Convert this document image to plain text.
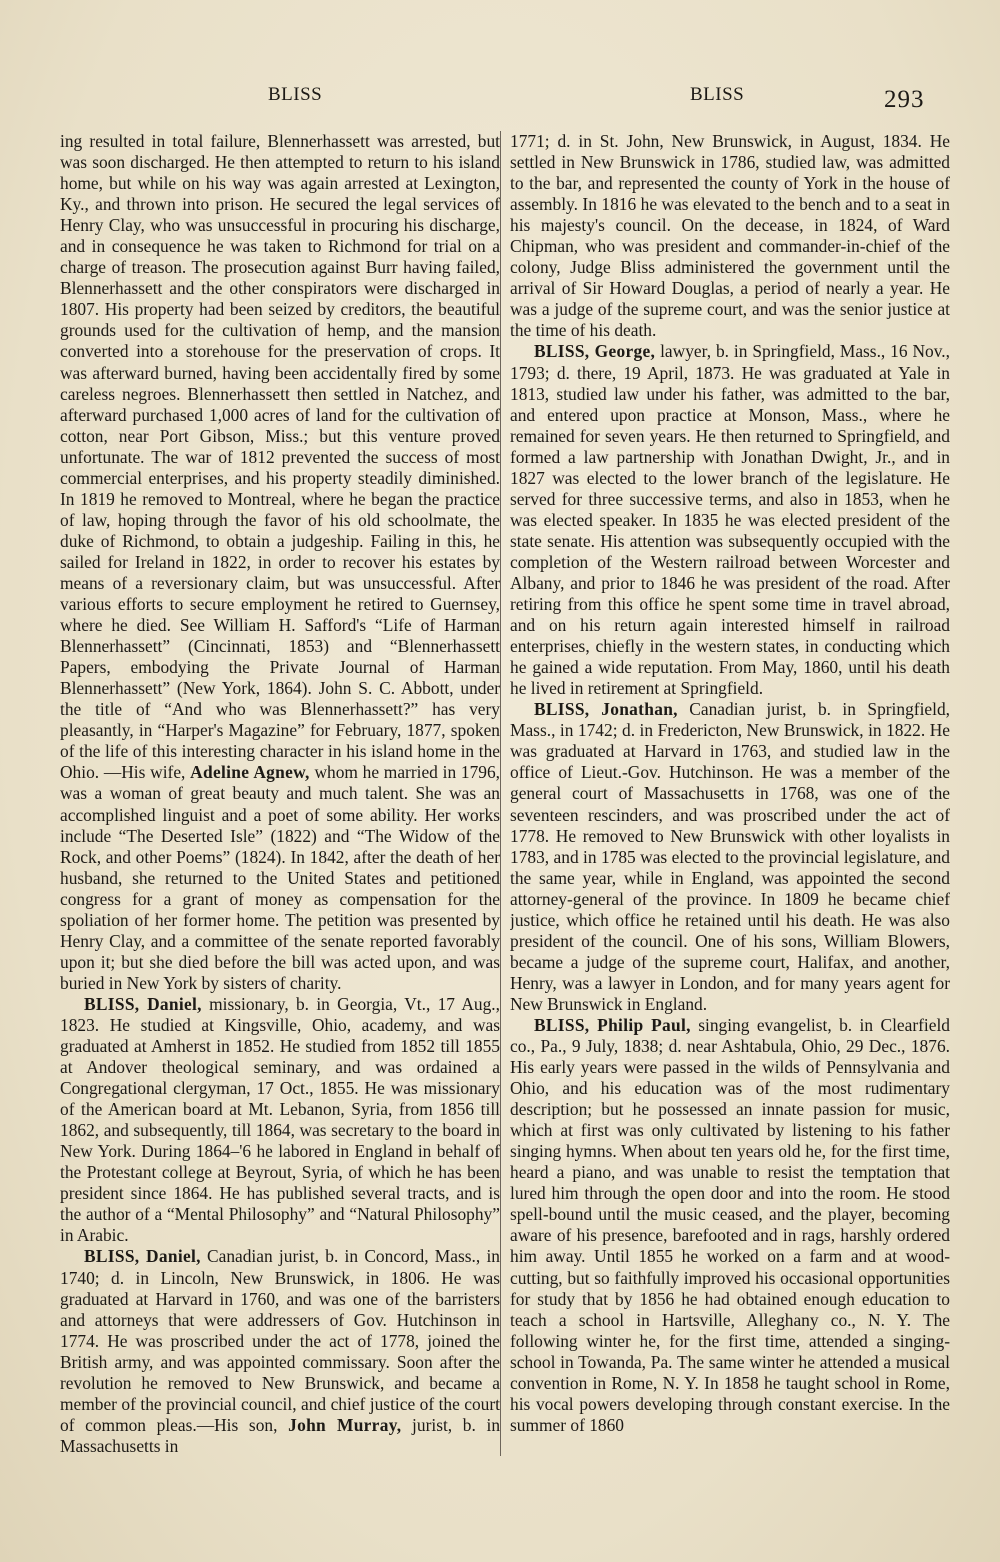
BLISS	BLISS	293

ing resulted in total failure, Blennerhassett was arrested, but was soon discharged. He then attempted to return to his island home, but while on his way was again arrested at Lexington, Ky., and thrown into prison. He secured the legal services of Henry Clay, who was unsuccessful in procuring his discharge, and in consequence he was taken to Richmond for trial on a charge of treason. The prosecution against Burr having failed, Blennerhassett and the other conspirators were discharged in 1807. His property had been seized by creditors, the beautiful grounds used for the cultivation of hemp, and the mansion converted into a storehouse for the preservation of crops. It was afterward burned, having been accidentally fired by some careless negroes. Blennerhassett then settled in Natchez, and afterward purchased 1,000 acres of land for the cultivation of cotton, near Port Gibson, Miss.; but this venture proved unfortunate. The war of 1812 prevented the success of most commercial enterprises, and his property steadily diminished. In 1819 he removed to Montreal, where he began the practice of law, hoping through the favor of his old schoolmate, the duke of Richmond, to obtain a judgeship. Failing in this, he sailed for Ireland in 1822, in order to recover his estates by means of a reversionary claim, but was unsuccessful. After various efforts to secure employment he retired to Guernsey, where he died. See William H. Safford's “Life of Harman Blennerhassett” (Cincinnati, 1853) and “Blennerhassett Papers, embodying the Private Journal of Harman Blennerhassett” (New York, 1864). John S. C. Abbott, under the title of “And who was Blennerhassett?” has very pleasantly, in “Harper's Magazine” for February, 1877, spoken of the life of this interesting character in his island home in the Ohio. —His wife, Adeline Agnew, whom he married in 1796, was a woman of great beauty and much talent. She was an accomplished linguist and a poet of some ability. Her works include “The Deserted Isle” (1822) and “The Widow of the Rock, and other Poems” (1824). In 1842, after the death of her husband, she returned to the United States and petitioned congress for a grant of money as compensation for the spoliation of her former home. The petition was presented by Henry Clay, and a committee of the senate reported favorably upon it; but she died before the bill was acted upon, and was buried in New York by sisters of charity.

BLISS, Daniel, missionary, b. in Georgia, Vt., 17 Aug., 1823. He studied at Kingsville, Ohio, academy, and was graduated at Amherst in 1852. He studied from 1852 till 1855 at Andover theological seminary, and was ordained a Congregational clergyman, 17 Oct., 1855. He was missionary of the American board at Mt. Lebanon, Syria, from 1856 till 1862, and subsequently, till 1864, was secretary to the board in New York. During 1864–'6 he labored in England in behalf of the Protestant college at Beyrout, Syria, of which he has been president since 1864. He has published several tracts, and is the author of a “Mental Philosophy” and “Natural Philosophy” in Arabic.

BLISS, Daniel, Canadian jurist, b. in Concord, Mass., in 1740; d. in Lincoln, New Brunswick, in 1806. He was graduated at Harvard in 1760, and was one of the barristers and attorneys that were addressers of Gov. Hutchinson in 1774. He was proscribed under the act of 1778, joined the British army, and was appointed commissary. Soon after the revolution he removed to New Brunswick, and became a member of the provincial council, and chief justice of the court of common pleas.—His son, John Murray, jurist, b. in Massachusetts in

1771; d. in St. John, New Brunswick, in August, 1834. He settled in New Brunswick in 1786, studied law, was admitted to the bar, and represented the county of York in the house of assembly. In 1816 he was elevated to the bench and to a seat in his majesty's council. On the decease, in 1824, of Ward Chipman, who was president and commander-in-chief of the colony, Judge Bliss administered the government until the arrival of Sir Howard Douglas, a period of nearly a year. He was a judge of the supreme court, and was the senior justice at the time of his death.

BLISS, George, lawyer, b. in Springfield, Mass., 16 Nov., 1793; d. there, 19 April, 1873. He was graduated at Yale in 1813, studied law under his father, was admitted to the bar, and entered upon practice at Monson, Mass., where he remained for seven years. He then returned to Springfield, and formed a law partnership with Jonathan Dwight, Jr., and in 1827 was elected to the lower branch of the legislature. He served for three successive terms, and also in 1853, when he was elected speaker. In 1835 he was elected president of the state senate. His attention was subsequently occupied with the completion of the Western railroad between Worcester and Albany, and prior to 1846 he was president of the road. After retiring from this office he spent some time in travel abroad, and on his return again interested himself in railroad enterprises, chiefly in the western states, in conducting which he gained a wide reputation. From May, 1860, until his death he lived in retirement at Springfield.

BLISS, Jonathan, Canadian jurist, b. in Springfield, Mass., in 1742; d. in Fredericton, New Brunswick, in 1822. He was graduated at Harvard in 1763, and studied law in the office of Lieut.-Gov. Hutchinson. He was a member of the general court of Massachusetts in 1768, was one of the seventeen rescinders, and was proscribed under the act of 1778. He removed to New Brunswick with other loyalists in 1783, and in 1785 was elected to the provincial legislature, and the same year, while in England, was appointed the second attorney-general of the province. In 1809 he became chief justice, which office he retained until his death. He was also president of the council. One of his sons, William Blowers, became a judge of the supreme court, Halifax, and another, Henry, was a lawyer in London, and for many years agent for New Brunswick in England.

BLISS, Philip Paul, singing evangelist, b. in Clearfield co., Pa., 9 July, 1838; d. near Ashtabula, Ohio, 29 Dec., 1876. His early years were passed in the wilds of Pennsylvania and Ohio, and his education was of the most rudimentary description; but he possessed an innate passion for music, which at first was only cultivated by listening to his father singing hymns. When about ten years old he, for the first time, heard a piano, and was unable to resist the temptation that lured him through the open door and into the room. He stood spell-bound until the music ceased, and the player, becoming aware of his presence, barefooted and in rags, harshly ordered him away. Until 1855 he worked on a farm and at wood-cutting, but so faithfully improved his occasional opportunities for study that by 1856 he had obtained enough education to teach a school in Hartsville, Alleghany co., N. Y. The following winter he, for the first time, attended a singing-school in Towanda, Pa. The same winter he attended a musical convention in Rome, N. Y. In 1858 he taught school in Rome, his vocal powers developing through constant exercise. In the summer of 1860
